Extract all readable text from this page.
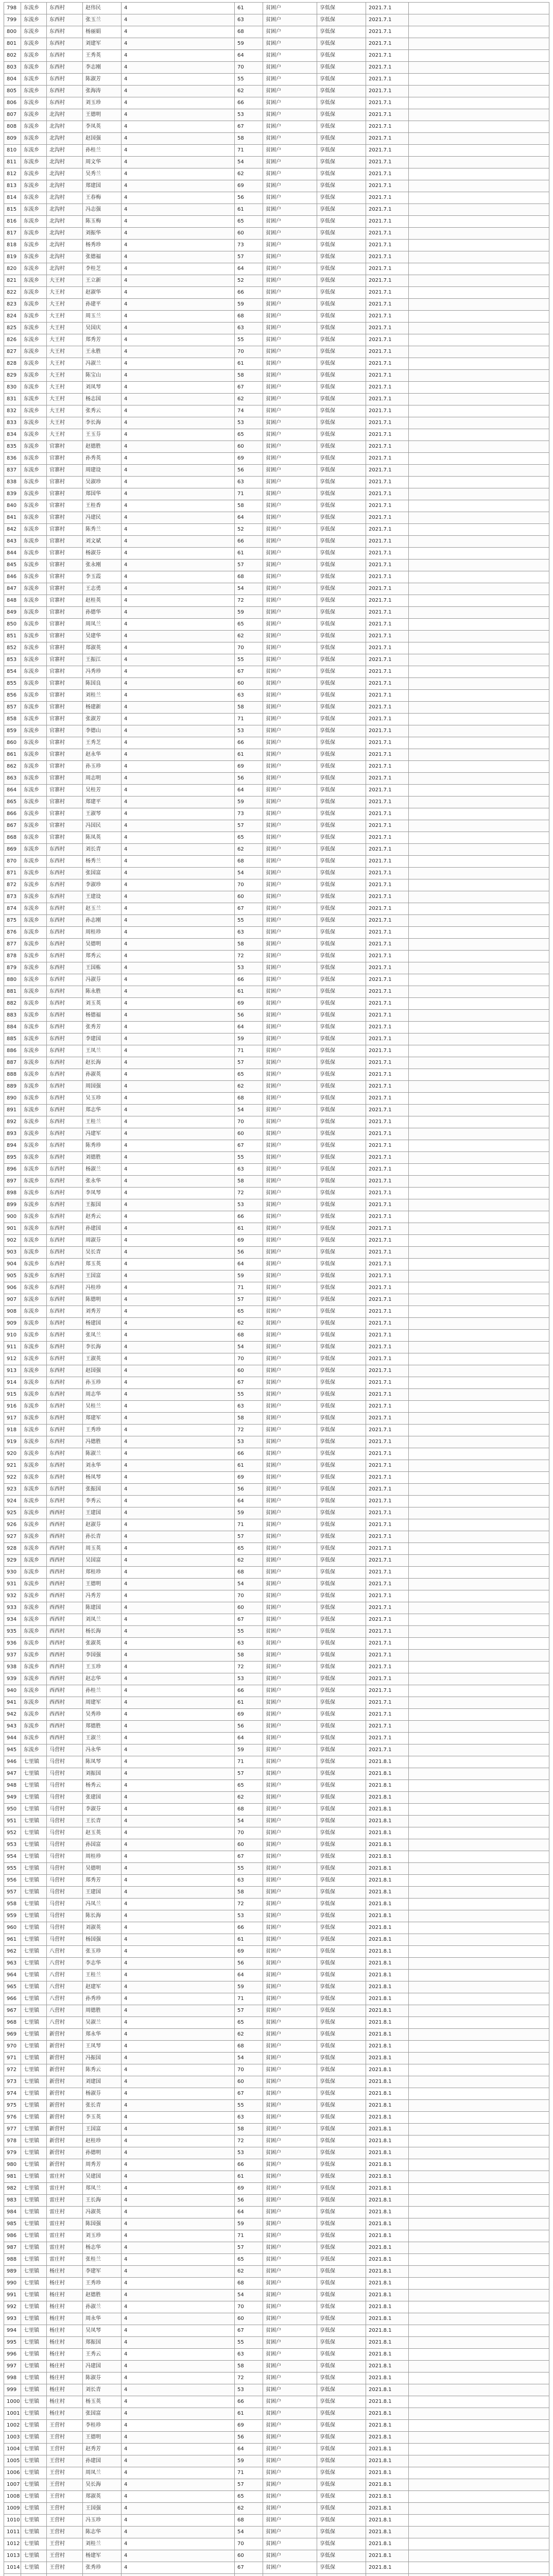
798	东流乡	东西村	赵伟民	4	61	贫困户	享低保	2021.7.1	
799	东流乡	东西村	张玉兰	4	63	贫困户	享低保	2021.7.1	
800	东流乡	东西村	杨丽娟	4	68	贫困户	享低保	2021.7.1	
801	东流乡	东西村	刘建军	4	59	贫困户	享低保	2021.7.1	
802	东流乡	东西村	王秀英	4	64	贫困户	享低保	2021.7.1	
803	东流乡	东西村	李志刚	4	70	贫困户	享低保	2021.7.1	
804	东流乡	东西村	陈淑芳	4	55	贫困户	享低保	2021.7.1	
805	东流乡	东西村	张海涛	4	62	贫困户	享低保	2021.7.1	
806	东流乡	东西村	刘玉珍	4	66	贫困户	享低保	2021.7.1	
807	东流乡	北沟村	王德明	4	53	贫困户	享低保	2021.7.1	
808	东流乡	北沟村	李凤英	4	67	贫困户	享低保	2021.7.1	
809	东流乡	北沟村	赵国强	4	58	贫困户	享低保	2021.7.1	
810	东流乡	北沟村	孙桂兰	4	71	贫困户	享低保	2021.7.1	
811	东流乡	北沟村	周文华	4	54	贫困户	享低保	2021.7.1	
812	东流乡	北沟村	吴秀兰	4	62	贫困户	享低保	2021.7.1	
813	东流乡	北沟村	郑建国	4	69	贫困户	享低保	2021.7.1	
814	东流乡	北沟村	王春梅	4	56	贫困户	享低保	2021.7.1	
815	东流乡	北沟村	冯志强	4	61	贫困户	享低保	2021.7.1	
816	东流乡	北沟村	陈玉梅	4	65	贫困户	享低保	2021.7.1	
817	东流乡	北沟村	刘振华	4	60	贫困户	享低保	2021.7.1	
818	东流乡	北沟村	杨秀珍	4	73	贫困户	享低保	2021.7.1	
819	东流乡	北沟村	张德福	4	57	贫困户	享低保	2021.7.1	
820	东流乡	北沟村	李桂芝	4	64	贫困户	享低保	2021.7.1	
821	东流乡	大王村	王立新	4	52	贫困户	享低保	2021.7.1	
822	东流乡	大王村	赵淑华	4	66	贫困户	享低保	2021.7.1	
823	东流乡	大王村	孙建平	4	59	贫困户	享低保	2021.7.1	
824	东流乡	大王村	周玉兰	4	68	贫困户	享低保	2021.7.1	
825	东流乡	大王村	吴国庆	4	63	贫困户	享低保	2021.7.1	
826	东流乡	大王村	郑秀芳	4	55	贫困户	享低保	2021.7.1	
827	东流乡	大王村	王永胜	4	70	贫困户	享低保	2021.7.1	
828	东流乡	大王村	冯淑兰	4	61	贫困户	享低保	2021.7.1	
829	东流乡	大王村	陈宝山	4	58	贫困户	享低保	2021.7.1	
830	东流乡	大王村	刘凤琴	4	67	贫困户	享低保	2021.7.1	
831	东流乡	大王村	杨志国	4	62	贫困户	享低保	2021.7.1	
832	东流乡	大王村	张秀云	4	74	贫困户	享低保	2021.7.1	
833	东流乡	大王村	李长海	4	53	贫困户	享低保	2021.7.1	
834	东流乡	大王村	王玉芬	4	65	贫困户	享低保	2021.7.1	
835	东流乡	官寨村	赵德胜	4	60	贫困户	享低保	2021.7.1	
836	东流乡	官寨村	孙秀英	4	69	贫困户	享低保	2021.7.1	
837	东流乡	官寨村	周建设	4	56	贫困户	享低保	2021.7.1	
838	东流乡	官寨村	吴淑珍	4	63	贫困户	享低保	2021.7.1	
839	东流乡	官寨村	郑国华	4	71	贫困户	享低保	2021.7.1	
840	东流乡	官寨村	王桂香	4	58	贫困户	享低保	2021.7.1	
841	东流乡	官寨村	冯建民	4	64	贫困户	享低保	2021.7.1	
842	东流乡	官寨村	陈秀兰	4	52	贫困户	享低保	2021.7.1	
843	东流乡	官寨村	刘文斌	4	66	贫困户	享低保	2021.7.1	
844	东流乡	官寨村	杨淑芬	4	61	贫困户	享低保	2021.7.1	
845	东流乡	官寨村	张永刚	4	57	贫困户	享低保	2021.7.1	
846	东流乡	官寨村	李玉霞	4	68	贫困户	享低保	2021.7.1	
847	东流乡	官寨村	王志勇	4	54	贫困户	享低保	2021.7.1	
848	东流乡	官寨村	赵桂英	4	72	贫困户	享低保	2021.7.1	
849	东流乡	官寨村	孙德华	4	59	贫困户	享低保	2021.7.1	
850	东流乡	官寨村	周凤兰	4	65	贫困户	享低保	2021.7.1	
851	东流乡	官寨村	吴建华	4	62	贫困户	享低保	2021.7.1	
852	东流乡	官寨村	郑淑英	4	70	贫困户	享低保	2021.7.1	
853	东流乡	官寨村	王振江	4	55	贫困户	享低保	2021.7.1	
854	东流乡	官寨村	冯秀珍	4	67	贫困户	享低保	2021.7.1	
855	东流乡	官寨村	陈国良	4	60	贫困户	享低保	2021.7.1	
856	东流乡	官寨村	刘桂兰	4	63	贫困户	享低保	2021.7.1	
857	东流乡	官寨村	杨建新	4	58	贫困户	享低保	2021.7.1	
858	东流乡	官寨村	张淑芳	4	71	贫困户	享低保	2021.7.1	
859	东流乡	官寨村	李德山	4	53	贫困户	享低保	2021.7.1	
860	东流乡	官寨村	王秀芝	4	66	贫困户	享低保	2021.7.1	
861	东流乡	官寨村	赵永华	4	61	贫困户	享低保	2021.7.1	
862	东流乡	官寨村	孙玉珍	4	69	贫困户	享低保	2021.7.1	
863	东流乡	官寨村	周志明	4	56	贫困户	享低保	2021.7.1	
864	东流乡	官寨村	吴桂芳	4	64	贫困户	享低保	2021.7.1	
865	东流乡	官寨村	郑建平	4	59	贫困户	享低保	2021.7.1	
866	东流乡	官寨村	王淑琴	4	73	贫困户	享低保	2021.7.1	
867	东流乡	官寨村	冯国民	4	57	贫困户	享低保	2021.7.1	
868	东流乡	官寨村	陈凤英	4	65	贫困户	享低保	2021.7.1	
869	东流乡	东西村	刘长青	4	62	贫困户	享低保	2021.7.1	
870	东流乡	东西村	杨秀兰	4	68	贫困户	享低保	2021.7.1	
871	东流乡	东西村	张国富	4	54	贫困户	享低保	2021.7.1	
872	东流乡	东西村	李淑珍	4	70	贫困户	享低保	2021.7.1	
873	东流乡	东西村	王建设	4	60	贫困户	享低保	2021.7.1	
874	东流乡	东西村	赵玉兰	4	67	贫困户	享低保	2021.7.1	
875	东流乡	东西村	孙志刚	4	55	贫困户	享低保	2021.7.1	
876	东流乡	东西村	周桂珍	4	63	贫困户	享低保	2021.7.1	
877	东流乡	东西村	吴德明	4	58	贫困户	享低保	2021.7.1	
878	东流乡	东西村	郑秀云	4	72	贫困户	享低保	2021.7.1	
879	东流乡	东西村	王国栋	4	53	贫困户	享低保	2021.7.1	
880	东流乡	东西村	冯淑芬	4	66	贫困户	享低保	2021.7.1	
881	东流乡	东西村	陈永胜	4	61	贫困户	享低保	2021.7.1	
882	东流乡	东西村	刘玉英	4	69	贫困户	享低保	2021.7.1	
883	东流乡	东西村	杨德福	4	56	贫困户	享低保	2021.7.1	
884	东流乡	东西村	张秀芳	4	64	贫困户	享低保	2021.7.1	
885	东流乡	东西村	李建国	4	59	贫困户	享低保	2021.7.1	
886	东流乡	东西村	王凤兰	4	71	贫困户	享低保	2021.7.1	
887	东流乡	东西村	赵长海	4	57	贫困户	享低保	2021.7.1	
888	东流乡	东西村	孙淑英	4	65	贫困户	享低保	2021.7.1	
889	东流乡	东西村	周国强	4	62	贫困户	享低保	2021.7.1	
890	东流乡	东西村	吴玉珍	4	68	贫困户	享低保	2021.7.1	
891	东流乡	东西村	郑志华	4	54	贫困户	享低保	2021.7.1	
892	东流乡	东西村	王桂兰	4	70	贫困户	享低保	2021.7.1	
893	东流乡	东西村	冯建军	4	60	贫困户	享低保	2021.7.1	
894	东流乡	东西村	陈秀珍	4	67	贫困户	享低保	2021.7.1	
895	东流乡	东西村	刘德胜	4	55	贫困户	享低保	2021.7.1	
896	东流乡	东西村	杨淑兰	4	63	贫困户	享低保	2021.7.1	
897	东流乡	东西村	张永华	4	58	贫困户	享低保	2021.7.1	
898	东流乡	东西村	李凤琴	4	72	贫困户	享低保	2021.7.1	
899	东流乡	东西村	王振国	4	53	贫困户	享低保	2021.7.1	
900	东流乡	东西村	赵秀云	4	66	贫困户	享低保	2021.7.1	
901	东流乡	东西村	孙建国	4	61	贫困户	享低保	2021.7.1	
902	东流乡	东西村	周淑芬	4	69	贫困户	享低保	2021.7.1	
903	东流乡	东西村	吴长青	4	56	贫困户	享低保	2021.7.1	
904	东流乡	东西村	郑玉英	4	64	贫困户	享低保	2021.7.1	
905	东流乡	东西村	王国富	4	59	贫困户	享低保	2021.7.1	
906	东流乡	东西村	冯桂珍	4	71	贫困户	享低保	2021.7.1	
907	东流乡	东西村	陈德明	4	57	贫困户	享低保	2021.7.1	
908	东流乡	东西村	刘秀芳	4	65	贫困户	享低保	2021.7.1	
909	东流乡	东西村	杨建国	4	62	贫困户	享低保	2021.7.1	
910	东流乡	东西村	张凤兰	4	68	贫困户	享低保	2021.7.1	
911	东流乡	东西村	李长海	4	54	贫困户	享低保	2021.7.1	
912	东流乡	东西村	王淑英	4	70	贫困户	享低保	2021.7.1	
913	东流乡	东西村	赵国强	4	60	贫困户	享低保	2021.7.1	
914	东流乡	东西村	孙玉珍	4	67	贫困户	享低保	2021.7.1	
915	东流乡	东西村	周志华	4	55	贫困户	享低保	2021.7.1	
916	东流乡	东西村	吴桂兰	4	63	贫困户	享低保	2021.7.1	
917	东流乡	东西村	郑建军	4	58	贫困户	享低保	2021.7.1	
918	东流乡	东西村	王秀珍	4	72	贫困户	享低保	2021.7.1	
919	东流乡	东西村	冯德胜	4	53	贫困户	享低保	2021.7.1	
920	东流乡	东西村	陈淑兰	4	66	贫困户	享低保	2021.7.1	
921	东流乡	东西村	刘永华	4	61	贫困户	享低保	2021.7.1	
922	东流乡	东西村	杨凤琴	4	69	贫困户	享低保	2021.7.1	
923	东流乡	东西村	张振国	4	56	贫困户	享低保	2021.7.1	
924	东流乡	东西村	李秀云	4	64	贫困户	享低保	2021.7.1	
925	东流乡	西西村	王建国	4	59	贫困户	享低保	2021.7.1	
926	东流乡	西西村	赵淑芬	4	71	贫困户	享低保	2021.7.1	
927	东流乡	西西村	孙长青	4	57	贫困户	享低保	2021.7.1	
928	东流乡	西西村	周玉英	4	65	贫困户	享低保	2021.7.1	
929	东流乡	西西村	吴国富	4	62	贫困户	享低保	2021.7.1	
930	东流乡	西西村	郑桂珍	4	68	贫困户	享低保	2021.7.1	
931	东流乡	西西村	王德明	4	54	贫困户	享低保	2021.7.1	
932	东流乡	西西村	冯秀芳	4	70	贫困户	享低保	2021.7.1	
933	东流乡	西西村	陈建国	4	60	贫困户	享低保	2021.7.1	
934	东流乡	西西村	刘凤兰	4	67	贫困户	享低保	2021.7.1	
935	东流乡	西西村	杨长海	4	55	贫困户	享低保	2021.7.1	
936	东流乡	西西村	张淑英	4	63	贫困户	享低保	2021.7.1	
937	东流乡	西西村	李国强	4	58	贫困户	享低保	2021.7.1	
938	东流乡	西西村	王玉珍	4	72	贫困户	享低保	2021.7.1	
939	东流乡	西西村	赵志华	4	53	贫困户	享低保	2021.7.1	
940	东流乡	西西村	孙桂兰	4	66	贫困户	享低保	2021.7.1	
941	东流乡	西西村	周建军	4	61	贫困户	享低保	2021.7.1	
942	东流乡	西西村	吴秀珍	4	69	贫困户	享低保	2021.7.1	
943	东流乡	西西村	郑德胜	4	56	贫困户	享低保	2021.7.1	
944	东流乡	西西村	王淑兰	4	64	贫困户	享低保	2021.7.1	
945	东流乡	马营村	冯永华	4	59	贫困户	享低保	2021.7.1	
946	七里镇	马营村	陈凤琴	4	71	贫困户	享低保	2021.8.1	
947	七里镇	马营村	刘振国	4	57	贫困户	享低保	2021.8.1	
948	七里镇	马营村	杨秀云	4	65	贫困户	享低保	2021.8.1	
949	七里镇	马营村	张建国	4	62	贫困户	享低保	2021.8.1	
950	七里镇	马营村	李淑芬	4	68	贫困户	享低保	2021.8.1	
951	七里镇	马营村	王长青	4	54	贫困户	享低保	2021.8.1	
952	七里镇	马营村	赵玉英	4	70	贫困户	享低保	2021.8.1	
953	七里镇	马营村	孙国富	4	60	贫困户	享低保	2021.8.1	
954	七里镇	马营村	周桂珍	4	67	贫困户	享低保	2021.8.1	
955	七里镇	马营村	吴德明	4	55	贫困户	享低保	2021.8.1	
956	七里镇	马营村	郑秀芳	4	63	贫困户	享低保	2021.8.1	
957	七里镇	马营村	王建国	4	58	贫困户	享低保	2021.8.1	
958	七里镇	马营村	冯凤兰	4	72	贫困户	享低保	2021.8.1	
959	七里镇	马营村	陈长海	4	53	贫困户	享低保	2021.8.1	
960	七里镇	马营村	刘淑英	4	66	贫困户	享低保	2021.8.1	
961	七里镇	马营村	杨国强	4	61	贫困户	享低保	2021.8.1	
962	七里镇	八营村	张玉珍	4	69	贫困户	享低保	2021.8.1	
963	七里镇	八营村	李志华	4	56	贫困户	享低保	2021.8.1	
964	七里镇	八营村	王桂兰	4	64	贫困户	享低保	2021.8.1	
965	七里镇	八营村	赵建军	4	59	贫困户	享低保	2021.8.1	
966	七里镇	八营村	孙秀珍	4	71	贫困户	享低保	2021.8.1	
967	七里镇	八营村	周德胜	4	57	贫困户	享低保	2021.8.1	
968	七里镇	八营村	吴淑兰	4	65	贫困户	享低保	2021.8.1	
969	七里镇	新营村	郑永华	4	62	贫困户	享低保	2021.8.1	
970	七里镇	新营村	王凤琴	4	68	贫困户	享低保	2021.8.1	
971	七里镇	新营村	冯振国	4	54	贫困户	享低保	2021.8.1	
972	七里镇	新营村	陈秀云	4	70	贫困户	享低保	2021.8.1	
973	七里镇	新营村	刘建国	4	60	贫困户	享低保	2021.8.1	
974	七里镇	新营村	杨淑芬	4	67	贫困户	享低保	2021.8.1	
975	七里镇	新营村	张长青	4	55	贫困户	享低保	2021.8.1	
976	七里镇	新营村	李玉英	4	63	贫困户	享低保	2021.8.1	
977	七里镇	新营村	王国富	4	58	贫困户	享低保	2021.8.1	
978	七里镇	新营村	赵桂珍	4	72	贫困户	享低保	2021.8.1	
979	七里镇	新营村	孙德明	4	53	贫困户	享低保	2021.8.1	
980	七里镇	新营村	周秀芳	4	66	贫困户	享低保	2021.8.1	
981	七里镇	雷庄村	吴建国	4	61	贫困户	享低保	2021.8.1	
982	七里镇	雷庄村	郑凤兰	4	69	贫困户	享低保	2021.8.1	
983	七里镇	雷庄村	王长海	4	56	贫困户	享低保	2021.8.1	
984	七里镇	雷庄村	冯淑英	4	64	贫困户	享低保	2021.8.1	
985	七里镇	雷庄村	陈国强	4	59	贫困户	享低保	2021.8.1	
986	七里镇	雷庄村	刘玉珍	4	71	贫困户	享低保	2021.8.1	
987	七里镇	雷庄村	杨志华	4	57	贫困户	享低保	2021.8.1	
988	七里镇	雷庄村	张桂兰	4	65	贫困户	享低保	2021.8.1	
989	七里镇	杨庄村	李建军	4	62	贫困户	享低保	2021.8.1	
990	七里镇	杨庄村	王秀珍	4	68	贫困户	享低保	2021.8.1	
991	七里镇	杨庄村	赵德胜	4	54	贫困户	享低保	2021.8.1	
992	七里镇	杨庄村	孙淑兰	4	70	贫困户	享低保	2021.8.1	
993	七里镇	杨庄村	周永华	4	60	贫困户	享低保	2021.8.1	
994	七里镇	杨庄村	吴凤琴	4	67	贫困户	享低保	2021.8.1	
995	七里镇	杨庄村	郑振国	4	55	贫困户	享低保	2021.8.1	
996	七里镇	杨庄村	王秀云	4	63	贫困户	享低保	2021.8.1	
997	七里镇	杨庄村	冯建国	4	58	贫困户	享低保	2021.8.1	
998	七里镇	杨庄村	陈淑芬	4	72	贫困户	享低保	2021.8.1	
999	七里镇	杨庄村	刘长青	4	53	贫困户	享低保	2021.8.1	
1000	七里镇	杨庄村	杨玉英	4	66	贫困户	享低保	2021.8.1	
1001	七里镇	杨庄村	张国富	4	61	贫困户	享低保	2021.8.1	
1002	七里镇	王营村	李桂珍	4	69	贫困户	享低保	2021.8.1	
1003	七里镇	王营村	王德明	4	56	贫困户	享低保	2021.8.1	
1004	七里镇	王营村	赵秀芳	4	64	贫困户	享低保	2021.8.1	
1005	七里镇	王营村	孙建国	4	59	贫困户	享低保	2021.8.1	
1006	七里镇	王营村	周凤兰	4	71	贫困户	享低保	2021.8.1	
1007	七里镇	王营村	吴长海	4	57	贫困户	享低保	2021.8.1	
1008	七里镇	王营村	郑淑英	4	65	贫困户	享低保	2021.8.1	
1009	七里镇	王营村	王国强	4	62	贫困户	享低保	2021.8.1	
1010	七里镇	王营村	冯玉珍	4	68	贫困户	享低保	2021.8.1	
1011	七里镇	王营村	陈志华	4	54	贫困户	享低保	2021.8.1	
1012	七里镇	王营村	刘桂兰	4	70	贫困户	享低保	2021.8.1	
1013	七里镇	王营村	杨建军	4	60	贫困户	享低保	2021.8.1	
1014	七里镇	王营村	张秀珍	4	67	贫困户	享低保	2021.8.1	
